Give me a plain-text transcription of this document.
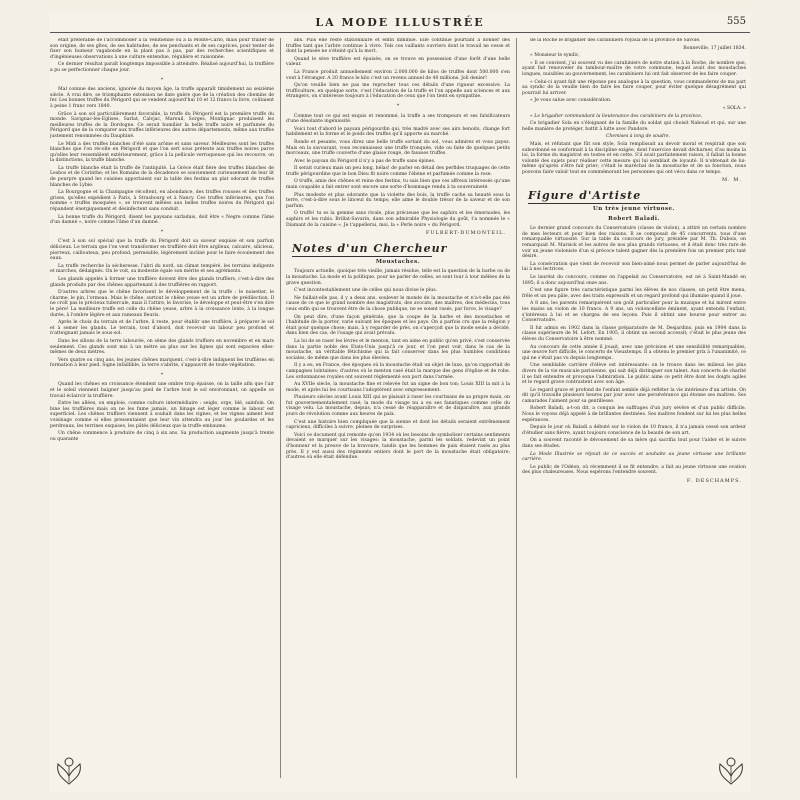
LA MODE ILLUSTRÉE	555

était préférable de l'accommoder à la Vénitienne ou à la Monte-Carlo, mais pour traiter de son origine, de ses gîtes, de ses habitudes, de ses penchants et de ses caprices, pour tenter de fixer son humeur vagabonde en la plant pas à pas, par des recherches scientifiques et d'ingénieuses observations à une culture entendue, régulière et raisonnée.

Ce dernier résultat paraît longtemps impossible à atteindre. Réalisé aujourd'hui, la truffière a pu se perfectionner chaque jour.

*

Mal connue des anciens, ignorée du moyen âge, la truffe apparaît timidement au seizième siècle. A vrai dire, se triomphante extension ne date guère que de la création des chemins de fer. Les bonnes truffes du Périgord qui se vendent aujourd'hui 10 et 12 francs la livre, coûtaient à peine 1 franc vers 1840.

Grâce à son sol particulièrement favorable, la truffe du Périgord est la première truffe du monde. Savignac-les-Eglises, Sarlat, Calvjac, Mareuil, Sorges, Montignac produisent les meilleures truffes de la Dordogne. Ce serait humilier la belle truffe noire et parfumée du Périgord que de la comparer aux truffes inférieures des autres départements, même aux truffes justement renommées du Dauphiné.

Le Midi a des truffes blanches d'été sans arôme et sans saveur. Meilleures sont les truffes blanches que l'on récolte en Périgord et que l'on sert sous prétexte aux truffes noires parce qu'elles leur ressemblent extérieurement, grâce à la pellicule verruqueuse qui les recouvre, on la distinctions, la truffe blanche.

La truffe blanche était la truffe de l'antiquité. La Grèce était fière des truffes blanches de Lesbos et de Corinthe; et les Romains de la décadence se souviennent curieusement de leur lit de pourpre quand les cuisines apportaient sur la table des festins un plat odorant de truffes blanches de Lybie.

La Bourgogne et la Champagne récoltent, en abondance, des truffes rousses et des truffes grises, qu'elles expédient à Paris, à Strasbourg et à Nancy. Ces truffes inférieures, que l'on nomme « truffes mosquées », se trouvent mêlées aux belles truffes noires du Périgord qui répandent énergiquement et désinfectent sans conduit.

La bonne truffe du Périgord, disent les paysans sarladais, doit être « Negre comme l'âme d'un damné », noire comme l'âme d'un damné.

*

C'est à son sol spécial que la truffe du Périgord doit sa saveur exquise et son parfum délicieux. Le terrain que l'on veut transformer en truffière doit être argileux, calcaire, silicieux, pierreux, caillouteux, peu profond, perméable, légèrement incliné pour le faire écoulement des eaux.

La truffe recherche la sécheresse, l'abri du nord, un climat tempéré, les terrains indigents et marches, dédaignés. On le voit, sa modestie égale son mérite et ses agréments.

Les glands appelés à former une truffière doivent être des glands truffiers, c'est-à-dire des glands produits par des chênes appartenant à des truffières en rapport.

D'autres arbres que le chêne favorisent le développement de la truffe : le noisetier, le charme, le pin, l'ormeau. Mais le chêne, surtout le chêne yeuse est un arbre de prédilection. Il ne croît pas le précieux tubercule, mais il l'attire, le favorise, le développe et peut-être s'en dire le père! La meilleure truffe est celle du chêne yeuse, arbre à la croissance lente, à la longue durée, à l'ombre légère et aux rameaux fleuris.

Après le choix du terrain et de l'arbre, il reste, pour établir une truffière, à préparer le sol et à semer les glands. Le terrain, tout d'abord, doit recevoir un labour peu profond et n'atteignant jamais le sous-sol.

Dans les sillons de la terre labourée, on sème des glands truffiers en novembre et en mars seulement. Ces glands sont mis à un mètre au plus sur les lignes qui sont espacées elles-mêmes de deux mètres.

Vers quatre ou cinq ans, les jeunes chênes marquent, c'est-à-dire indiquent les truffières en formation à leur pied. Signe infaillible, la terre s'abrite, s'appauvrit de toute végétation.

*

Quand les chênes en croissance étendent une ombre trop épaisse, on la taille afin que l'air et le soleil viennent baigner jusqu'au pied de l'arbre tout le sol environnant, on appelle ce travail éclaircir la truffière.

Entre les allées, on emploie, comme culture intermédiaire : seigle, orge, blé, sainfoin. On bine les truffières mais on ne les fume jamais, un binage est léger comme le labour est superficiel. Les chênes truffiers viennent à souhait dans les vignes, et les vignes aiment leur voisinage comme si elles pressentaient que leur vin attendra au jour les poulardes et les perdreaux, les terrines exquises, les pâtés délicieux que la truffe embaume.

Un chêne commence à produire de cinq à six ans. Sa production augmente jusqu'à trente ou quarante

ans. Puis elle reste stationnaire et enfin diminue. Elle continue pourtant à donner des truffes tant que l'arbre continue à vivre. Tels ces vaillants ouvriers dont le travail ne cesse et dont la pensée ne s'éteint qu'à la mort.

Quand le sève truffière est épuisée, on se trouve en possession d'une forêt d'une belle valeur.

La France produit annuellement environ 2.000.000 de kilos de truffes dont 500.000 s'en vont à l'étranger. A 20 francs le kilo c'est un revenu annuel de 40 millions. Joli denier!

Qu'on veuille bien ne pas me reprocher tous ces détails d'une rigueur excessive. La trufficulture, en quelque sorte, c'est l'éducation de la truffe et l'on appelle aux sciences et aux étrangers, on s'intéresse toujours à l'éducation de ceux que l'on tient en sympathie.

*

Comme tout ce qui est exquis et renommé, la truffe a ses trompeurs et ses falsificateurs d'une désolante ingéniosité.

Voici tout d'abord le paysan périgourdin qui, très madré avec ses airs benoits, change fort habilement et la forme et le poids des truffes qu'il apporte au marché.

Ronde et pesante, vous direz une belle truffe sortant du sol, vous admirez et vous payez. Mais en la savourant, vous reconnaissez une truffe tronquée, vide ou faite de quelques petits morceaux, une truffe couverte d'une glaise rouge, de fausses truffes.

Avec le paysan du Périgord il n'y a pas de truffe sans épines.

Il serait curieux mais un peu long, hélas! de parler en détail des perfides truquages de cette truffe périgourdine que le bon Dieu fit noire comme l'ébène et parfumée comme la rose.

O truffe, amie des chênes et reine des festins, tu sais bien que ces affreux intéressés qu'une main coupable a fait entrer sont encore une sorte d'hommage rendu à ta souveraineté.

Plus modeste et plus odorante que la violette des bois, la truffe cache sa beauté sous la terre, c'est-à-dire sous le linceul du temps; elle aime le double trésor de la saveur et de son parfum.

O truffe! tu es la gemme sans rivale, plus précieuse que les saphirs et les émeraudes, les saphirs et les rubis. Brillat-Savarin, dans son admirable Physiologie du goût, t'a nommée le « Diamant de la cuisine ». Je t'appellerai, moi, la « Perle noire » du Périgord.

FULBERT-DUMONTEIL.
Notes d'un Chercheur
Moustaches.

Toujours actuelle, quoique très vieille, jamais résolue, telle est la question de la barbe ou de la moustache. La mode et la politique, pour ne parler de celles, se sont tour à tour mêlées de la grave question.

C'est incontestablement une de celles qui nous divise le plus.

Ne faillait-elle pas, il y a deux ans, soulever le monde de la moustache et n'a-t-elle pas été cause de ce que le grand nombre des magistrats, des avocats, des maîtres, des médecins, tous ceux enfin qui se trouvent être de la chose publique, ne se soient rasés, par force, le visage?

On peut dire, d'une façon générale, que la coupe de la barbe et des moustaches et l'habitude de la porter, varie suivant les époques et les pays. On a parfois cru que la religion y était pour quelque chose; mais, à y regarder de près, on s'aperçoit que la mode seule a décidé, dans bien des cas, de l'usage qui avait prévalu.

La loi de se raser les lèvres et le menton, tant en aime en public qu'en privé, s'est conservée dans la partie noble des Etats-Unis jusqu'à ce jour, et l'on peut voir, dans le cas de la moustache, un véritable fétichisme qui la fait conserver dans les plus humbles conditions sociales, de même que dans les plus élevées.

Il y a eu, en France, des époques où la moustache était un objet de luxe, qu'on rapportait de campagnes lointaines; d'autres où le menton rasé était la marque des gens d'église et de robe. Les ordonnances royales ont souvent réglementé son port dans l'armée.

Au XVIIe siècle, la moustache fine et relevée fut un signe de bon ton; Louis XIII la mit à la mode, et après lui les courtisans l'adoptèrent avec empressement.

Plusieurs siècles avant Louis XIII qui se plaisait à raser les courtisans de sa propre main, on fut gouvernementalement rasé; la mode du visage nu a eu ses fanatiques comme celle du visage velu. La moustache, depuis, n'a cessé de réapparaître et de disparaître, aux grands jours de révolution comme aux heures de paix.

C'est une histoire bien compliquée que la sienne et dont les détails seraient extrêmement capricieux, difficiles à suivre, pleines de surprises.

Voici ce document qui remonte qu'en 1934 où les besoins de symboliser certains sentiments devaient se marquer sur les visages: la moustache, parmi les soldats, redevint un point d'honneur et la preuve de la bravoure, tandis que les hommes de paix étaient rasés au plus près. Il y eut aussi des régiments entiers dont le port de la moustache était obligatoire; d'autres où elle était défendue.

de la Roche le brigadier des carabiniers royaux de la province de Savoie.

Bonneville, 17 juillet 1834.

« Monsieur le syndic,

« Il se convient, j'ai souvent vu des carabiniers de notre station à la Roche, de nombre que, ayant fait renouveler du tambour-maître de votre commune, lequel avait des moustaches longues, nuisibles au gouvernement, les carabiniers lui ont fait observer de les faire couper.

« Celui-ci ayant fait une réponse peu analogue à la question, vous commanderez de ma part au syndic de la veuille bien de faire les faire couper, pour éviter quelque désagrément qui pourrait lui arriver.

« Je vous salue avec considération.

« SOLA. »

« Le brigadier commandant la lieutenance des carabiniers de la province,

Ce brigadier Sola en s'éloignant de la famille du soldat qui choisit Naboud et qui, sur une belle manière de protéger, battit à lutte avec Pandore.

Chemises à long de soudre.

Mais, et réfutant que fût son style, Sola remplissait au devoir moral et respirait que son subordonné se conformait à la discipline exigée, dont l'exercice devait décharner, d'au moins la loi, la forme du magistrat en toutes et en cette. S'il avait parfaitement raison, il fallait la bonne volonté des sujets pour réaliser cette mesure qui lui semblait de loyauté. Il n'obtenait de lui-même qu'après s'être fait prier; c'était le maréchal de la moustache et de sa fonction, nous pouvons faire valoir tout en commémorant les personnes qui ont vécu dans ce temps.

M. M.
Figure d'Artiste
Un très jeune virtuose.
Robert Baladi.

Le dernier grand concours du Conservatoire (classe de violon), a attiré un certain nombre de mes lecteurs et pour bien des raisons. Il se composait de 45 concurrents, tous d'une remarquable virtuosité. Sur la table du concours de jury, présidée par M. Th. Dubois, on remarquait M. Marsick et les autres de nos plus grands virtuoses, et il était donc très rare de voir un jeune violoniste d'un si précoce talent gagner dès la première fois un premier prix tant désiré.

La consécration que vient de recevoir son bien-aimé nous permet de parler aujourd'hui de lui à nos lectrices.

Le lauréat du concours, comme on l'appelait au Conservatoire, est né à Saint-Mandé en 1895; il a donc aujourd'hui onze ans.

C'est une figure très caractéristique parmi les élèves de nos classes, un petit être menu, frêle et un peu pâle, avec des traits expressifs et un regard profond qui illumine quand il joue.

A 8 ans, les parents remarquèrent son goût particulier pour la musique et lui mirent entre les mains un violon de 10 francs. A 9 ans, un violoncelliste éminent, ayant entendu l'enfant, s'intéressa à lui et se chargea de ses leçons. Puis il obtint une bourse pour entrer au Conservatoire.

Il fut admis en 1902 dans la classe préparatoire de M. Desjardins, puis en 1904 dans la classe supérieure de M. Lefort. En 1905, il obtint un second accessit; c'était le plus jeune des élèves du Conservatoire à être nommé.

Au concours de cette année il jouait, avec une précision et une sensibilité remarquables, une œuvre fort difficile, le concerto de Vieuxtemps. Il a obtenu le premier prix à l'unanimité, ce qui ne s'était pas vu depuis longtemps.

Une semblable carrière d'élève est intéressante: on le trouve dans les milieux les plus divers de la vie musicale parisienne, qui sait déjà distinguer son talent. Aux concerts de charité il se fait entendre et provoque l'admiration. Le public aime ce petit être dont les doigts agiles et le regard grave contrastent avec son âge.

Le regard grave et profond de l'enfant semble déjà refléter la vie intérieure d'un artiste. On dit qu'il travaille plusieurs heures par jour avec une persévérance qui étonne ses maîtres. Ses camarades l'aiment pour sa gentillesse.

Robert Baladi, a-t-on dit, a conquis les suffrages d'un jury sévère et d'un public difficile. Nous le voyons déjà appelé à de brillantes destinées. Ses maîtres fondent sur lui les plus belles espérances.

Depuis le jour où Baladi a débuté sur le violon de 10 francs, il n'a jamais cessé son ardeur d'étudier sans fièvre, ayant toujours conscience de la beauté de son art.

On a souvent raconté le dévouement de sa mère qui sacrifia tout pour l'aider et le suivre dans ses études.

La Mode Illustrée se réjouit de ce succès et souhaite au jeune virtuose une brillante carrière.

Le public de l'Odéon, où récemment il se fit entendre, a fait au jeune virtuose une ovation des plus chaleureuses. Nous espérons l'entendre souvent.

F. DESCHAMPS.
